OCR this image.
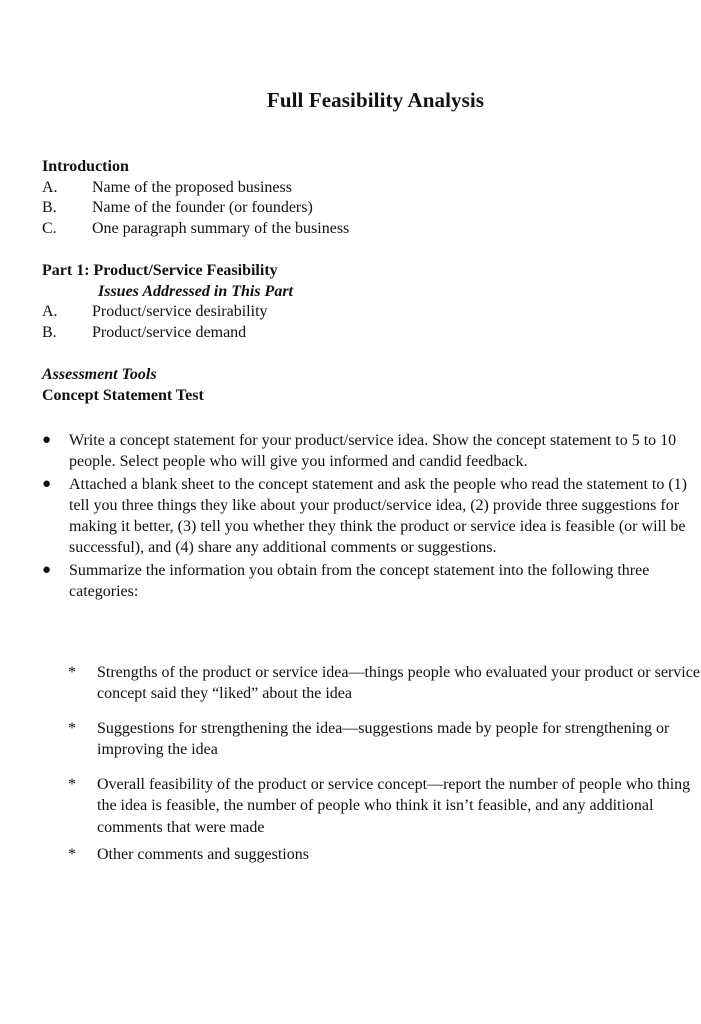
Full Feasibility Analysis
Introduction
A.	Name of the proposed business
B.	Name of the founder (or founders)
C.	One paragraph summary of the business
Part 1: Product/Service Feasibility
Issues Addressed in This Part
A.	Product/service desirability
B.	Product/service demand
Assessment Tools
Concept Statement Test
●	Write a concept statement for your product/service idea. Show the concept statement to 5 to 10 people. Select people who will give you informed and candid feedback.
●	Attached a blank sheet to the concept statement and ask the people who read the statement to (1) tell you three things they like about your product/service idea, (2) provide three suggestions for making it better, (3) tell you whether they think the product or service idea is feasible (or will be successful), and (4) share any additional comments or suggestions.
●	Summarize the information you obtain from the concept statement into the following three categories:
*	Strengths of the product or service idea—things people who evaluated your product or service concept said they “liked” about the idea
*	Suggestions for strengthening the idea—suggestions made by people for strengthening or improving the idea
*	Overall feasibility of the product or service concept—report the number of people who thing the idea is feasible, the number of people who think it isn’t feasible, and any additional comments that were made
*	Other comments and suggestions
